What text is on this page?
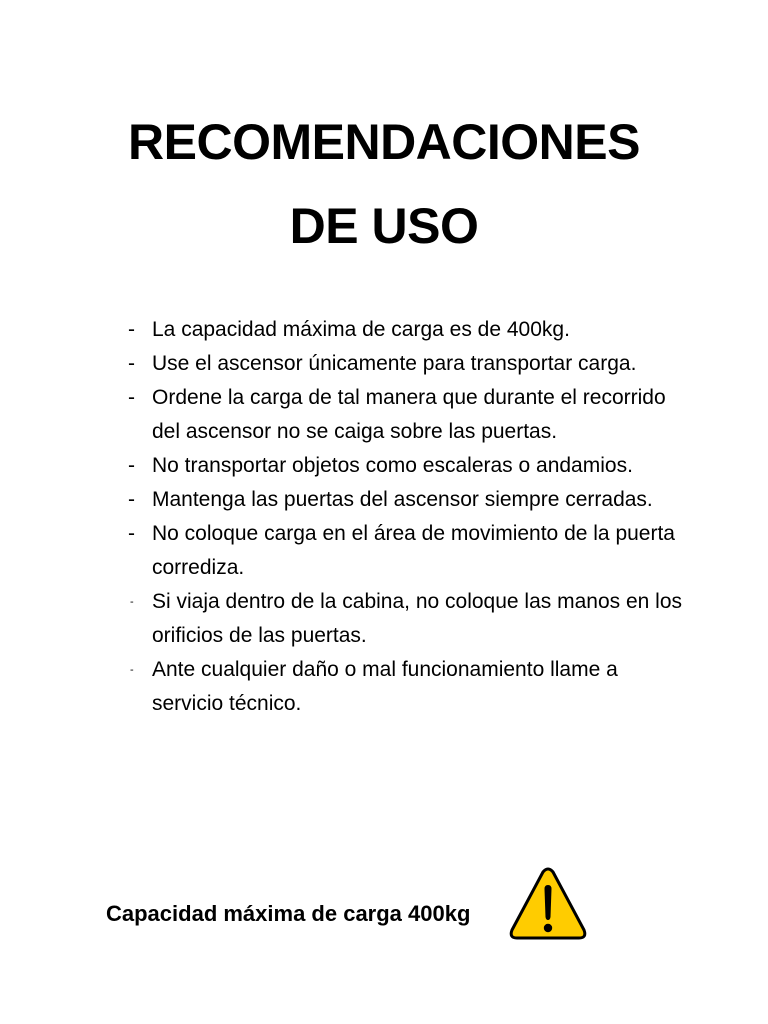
RECOMENDACIONES
DE USO
- La capacidad máxima de carga es de 400kg.
- Use el ascensor únicamente para transportar carga.
- Ordene la carga de tal manera que durante el recorrido del ascensor no se caiga sobre las puertas.
- No transportar objetos como escaleras o andamios.
- Mantenga las puertas del ascensor siempre cerradas.
- No coloque carga en el área de movimiento de la puerta corrediza.
- Si viaja dentro de la cabina, no coloque las manos en los orificios de las puertas.
- Ante cualquier daño o mal funcionamiento llame a servicio técnico.
Capacidad máxima de carga 400kg
